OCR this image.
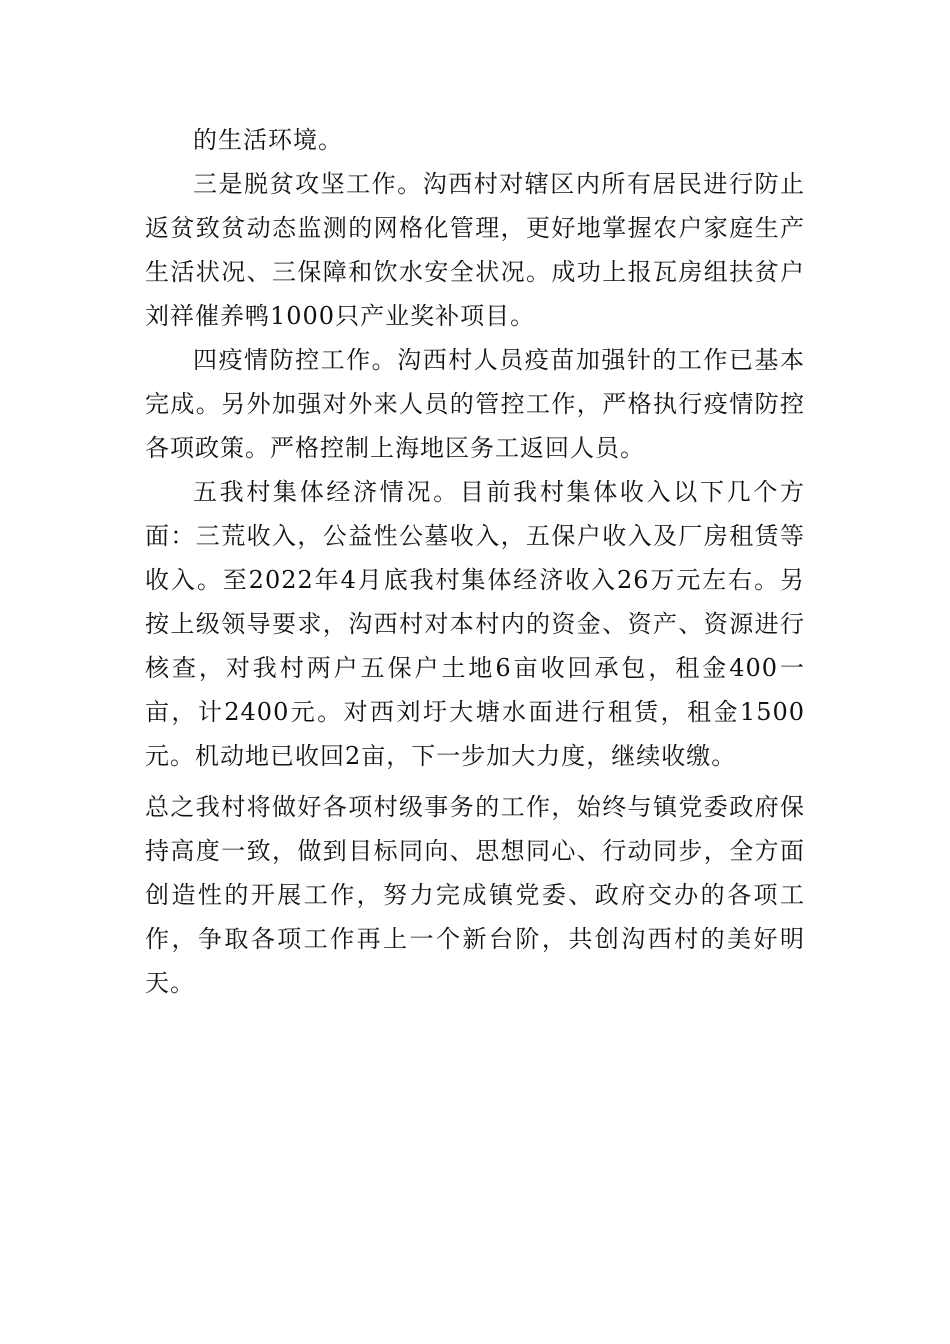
的生活环境。

三是脱贫攻坚工作。沟西村对辖区内所有居民进行防止返贫致贫动态监测的网格化管理，更好地掌握农户家庭生产生活状况、三保障和饮水安全状况。成功上报瓦房组扶贫户刘祥催养鸭1000只产业奖补项目。

四疫情防控工作。沟西村人员疫苗加强针的工作已基本完成。另外加强对外来人员的管控工作，严格执行疫情防控各项政策。严格控制上海地区务工返回人员。

五我村集体经济情况。目前我村集体收入以下几个方面：三荒收入，公益性公墓收入，五保户收入及厂房租赁等收入。至2022年4月底我村集体经济收入26万元左右。另按上级领导要求，沟西村对本村内的资金、资产、资源进行核查，对我村两户五保户土地6亩收回承包，租金400一亩，计2400元。对西刘圩大塘水面进行租赁，租金1500元。机动地已收回2亩，下一步加大力度，继续收缴。

总之我村将做好各项村级事务的工作，始终与镇党委政府保持高度一致，做到目标同向、思想同心、行动同步，全方面创造性的开展工作，努力完成镇党委、政府交办的各项工作，争取各项工作再上一个新台阶，共创沟西村的美好明天。
